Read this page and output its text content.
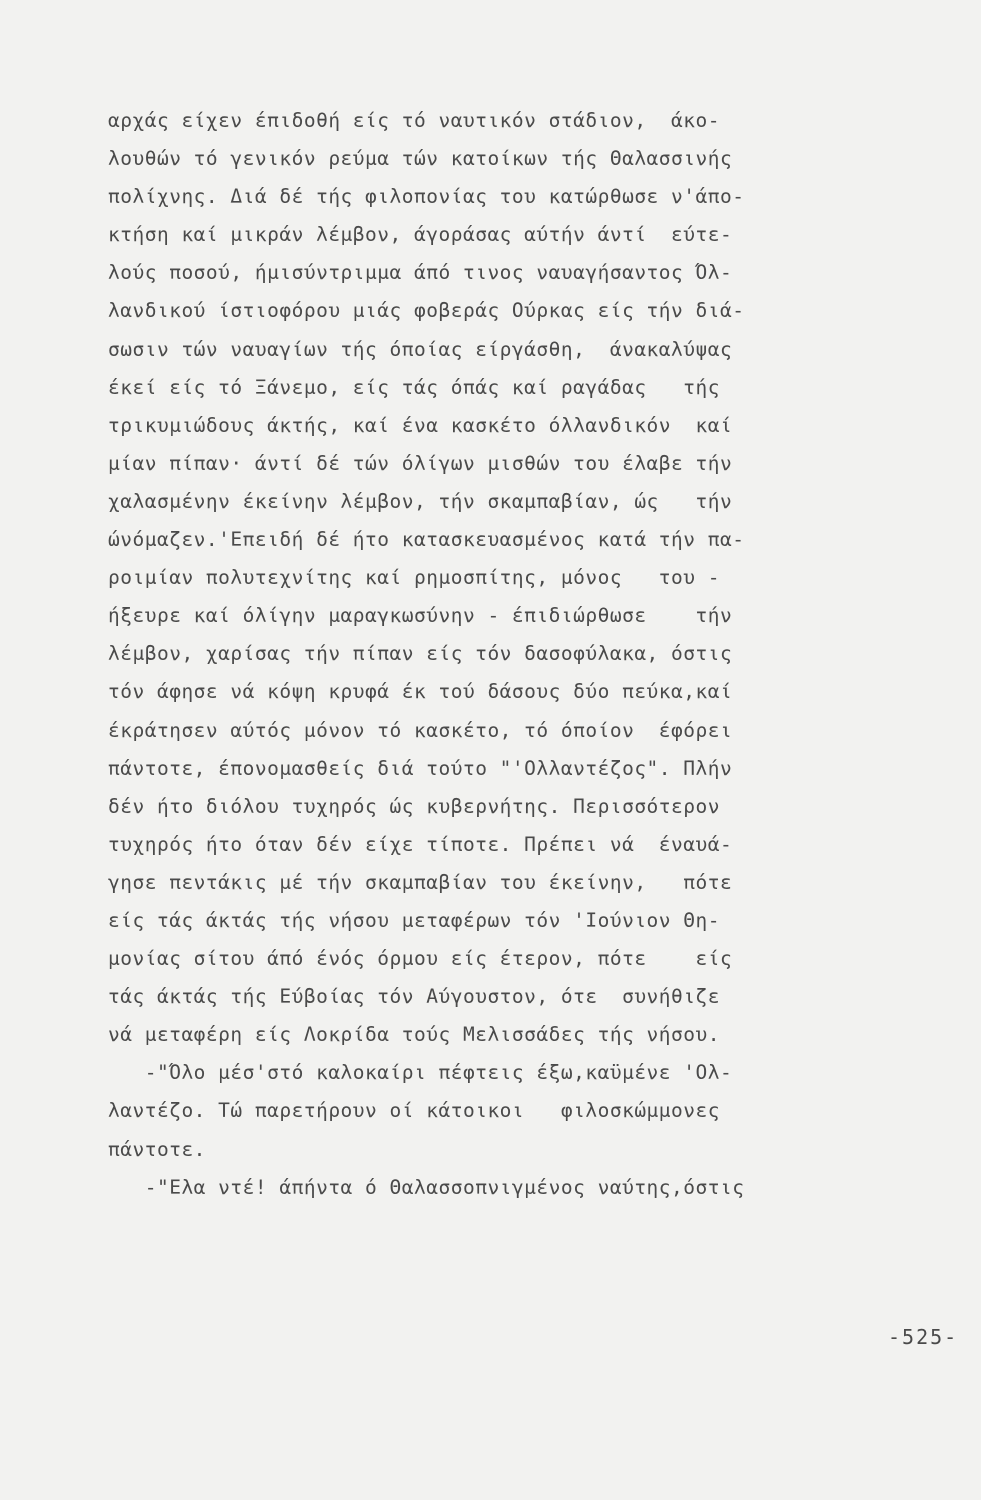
αρχάς είχεν έπιδοθή είς τό ναυτικόν στάδιον,  άκο-
λουθών τό γενικόν ρεύμα τών κατοίκων τής Θαλασσινής
πολίχνης. Διά δέ τής φιλοπονίας του κατώρθωσε ν'άπο-
κτήση καί μικράν λέμβον, άγοράσας αύτήν άντί  εύτε-
λούς ποσού, ήμισύντριμμα άπό τινος ναυαγήσαντος Όλ-
λανδικού ίστιοφόρου μιάς φοβεράς Ούρκας είς τήν διά-
σωσιν τών ναυαγίων τής όποίας είργάσθη,  άνακαλύψας
έκεί είς τό Ξάνεμο, είς τάς όπάς καί ραγάδας   τής
τρικυμιώδους άκτής, καί ένα κασκέτο όλλανδικόν  καί
μίαν πίπαν· άντί δέ τών όλίγων μισθών του έλαβε τήν
χαλασμένην έκείνην λέμβον, τήν σκαμπαβίαν, ώς   τήν
ώνόμαζεν.'Επειδή δέ ήτο κατασκευασμένος κατά τήν πα-
ροιμίαν πολυτεχνίτης καί ρημοσπίτης, μόνος   του -
ήξευρε καί όλίγην μαραγκωσύνην - έπιδιώρθωσε    τήν
λέμβον, χαρίσας τήν πίπαν είς τόν δασοφύλακα, όστις
τόν άφησε νά κόψη κρυφά έκ τού δάσους δύο πεύκα,καί
έκράτησεν αύτός μόνον τό κασκέτο, τό όποίον  έφόρει
πάντοτε, έπονομασθείς διά τούτο "'Ολλαντέζος". Πλήν
δέν ήτο διόλου τυχηρός ώς κυβερνήτης. Περισσότερον
τυχηρός ήτο όταν δέν είχε τίποτε. Πρέπει νά  έναυά-
γησε πεντάκις μέ τήν σκαμπαβίαν του έκείνην,   πότε
είς τάς άκτάς τής νήσου μεταφέρων τόν 'Ιούνιον Θη-
μονίας σίτου άπό ένός όρμου είς έτερον, πότε    είς
τάς άκτάς τής Εύβοίας τόν Αύγουστον, ότε  συνήθιζε
νά μεταφέρη είς Λοκρίδα τούς Μελισσάδες τής νήσου.
-"Όλο μέσ'στό καλοκαίρι πέφτεις έξω,καϋμένε 'Ολ-
λαντέζο. Τώ παρετήρουν οί κάτοικοι   φιλοσκώμμονες
πάντοτε.
-"Ελα ντέ! άπήντα ό Θαλασσοπνιγμένος ναύτης,όστις
-525-
